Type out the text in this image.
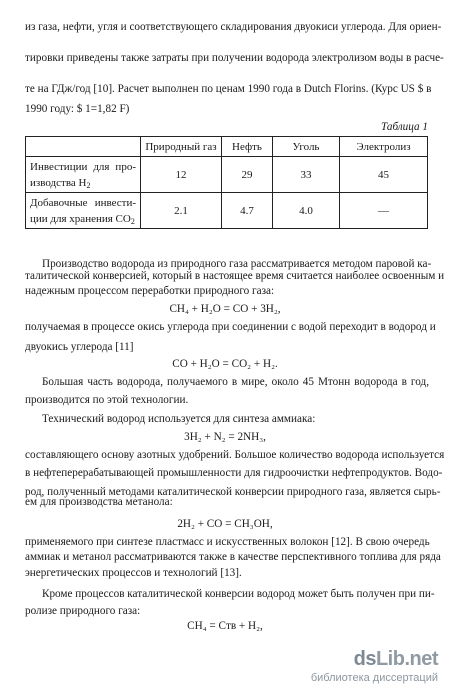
из газа, нефти, угля и соответствующего складирования двуокиси углерода. Для ориен-
тировки приведены также затраты при получении водорода электролизом воды в расче-
те на ГДж/год [10]. Расчет выполнен по ценам 1990 года в Dutch Florins. (Курс US $ в
1990 году: $ 1=1,82 F)
Таблица 1
	Природный газ	Нефть	Уголь	Электролиз

Инвестиции для про-
изводства $H_2$	12	29	33	45

Добавочные инвести-
ции для хранения $CO_2$	2.1	4.7	4.0	—
Производство водорода из природного газа рассматривается методом паровой ка-
талитической конверсией, который в настоящее время считается наиболее освоенным и
надежным процессом переработки природного газа:
CH₄ + H₂O = CO + 3H₂,
получаемая в процессе окись углерода при соединении с водой переходит в водород и
двуокись углерода [11]
CO + H₂O = CO₂ + H₂.
Большая часть водорода, получаемого в мире, около 45 Мтонн водорода в год,
производится по этой технологии.
Технический водород используется для синтеза аммиака:
3H₂ + N₂ = 2NH₃,
составляющего основу азотных удобрений. Большое количество водорода используется
в нефтеперерабатывающей промышленности для гидроочистки нефтепродуктов. Водо-
род, полученный методами каталитической конверсии природного газа, является сырь-
ем для производства метанола:
2H₂ + CO = CH₃OH,
применяемого при синтезе пластмасс и искусственных волокон [12]. В свою очередь
аммиак и метанол рассматриваются также в качестве перспективного топлива для ряда
энергетических процессов и технологий [13].
Кроме процессов каталитической конверсии водород может быть получен при пи-
ролизе природного газа:
CH₄ = Cтв + H₂,
dsLib.net
библиотека диссертаций
